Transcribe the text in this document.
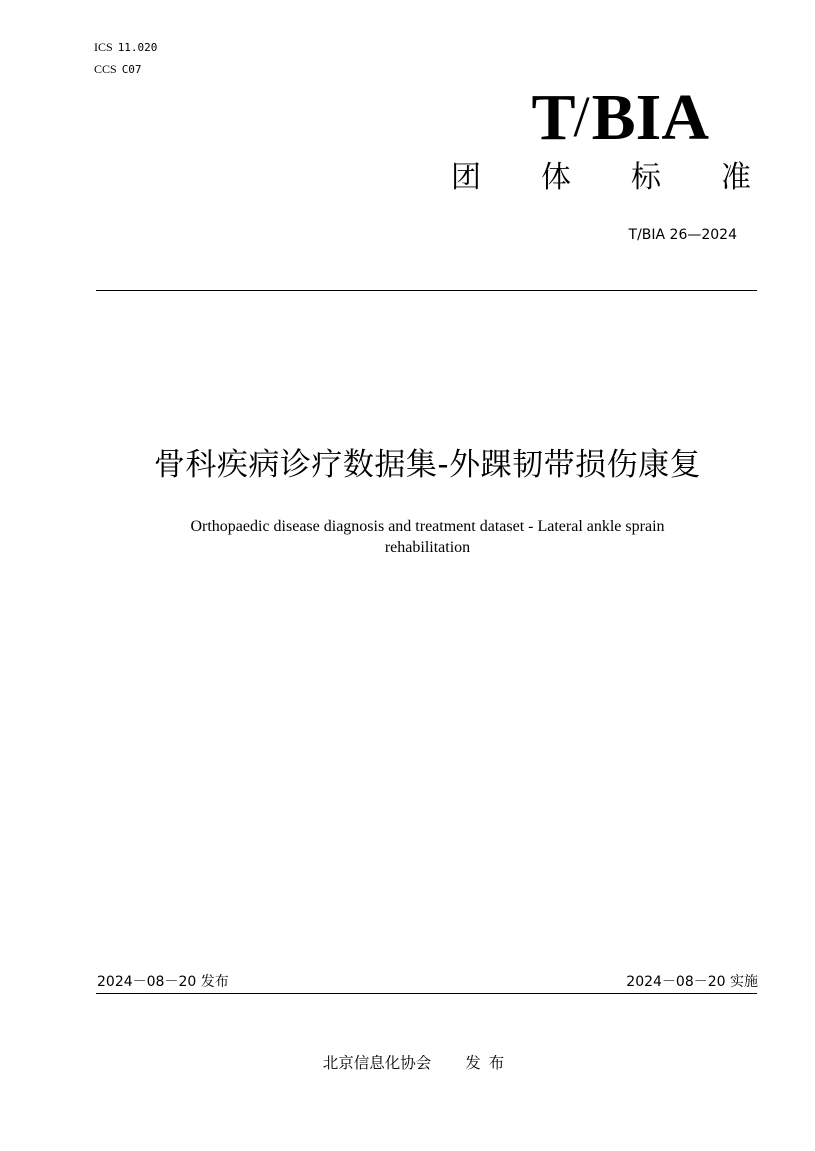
ICS 11.020
CCS C07
T/BIA
团 体 标 准
T/BIA 26—2024
骨科疾病诊疗数据集-外踝韧带损伤康复
Orthopaedic disease diagnosis and treatment dataset - Lateral ankle sprain
rehabilitation
2024－08－20 发布	2024－08－20 实施
北京信息化协会 发布
